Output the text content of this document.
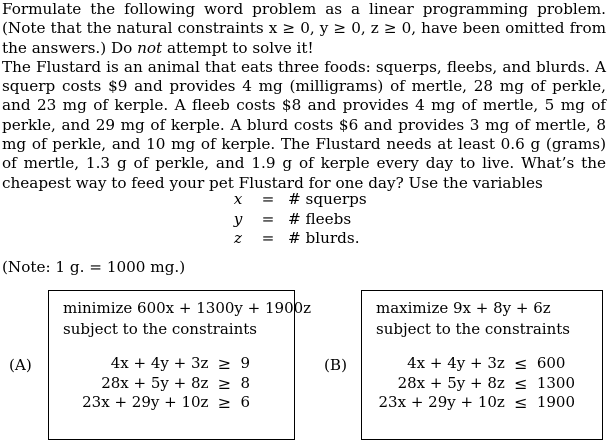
Formulate the following word problem as a linear programming problem. (Note that the natural constraints x ≥ 0, y ≥ 0, z ≥ 0, have been omitted from the answers.) Do not attempt to solve it!

The Flustard is an animal that eats three foods: squerps, fleebs, and blurds. A squerp costs $9 and provides 4 mg (milligrams) of mertle, 28 mg of perkle, and 23 mg of kerple. A fleeb costs $8 and provides 4 mg of mertle, 5 mg of perkle, and 29 mg of kerple. A blurd costs $6 and provides 3 mg of mertle, 8 mg of perkle, and 10 mg of kerple. The Flustard needs at least 0.6 g (grams) of mertle, 1.3 g of perkle, and 1.9 g of kerple every day to live. What’s the cheapest way to feed your pet Flustard for one day? Use the variables

x	=	# squerps
y	=	# fleebs
z	=	# blurds.
(Note: 1 g. = 1000 mg.)
(A)
minimize 600x + 1300y + 1900z
subject to the constraints
4x + 4y + 3z	≥	9
28x + 5y + 8z	≥	8
23x + 29y + 10z	≥	6
(B)
maximize 9x + 8y + 6z
subject to the constraints
4x + 4y + 3z	≤	600
28x + 5y + 8z	≤	1300
23x + 29y + 10z	≤	1900
